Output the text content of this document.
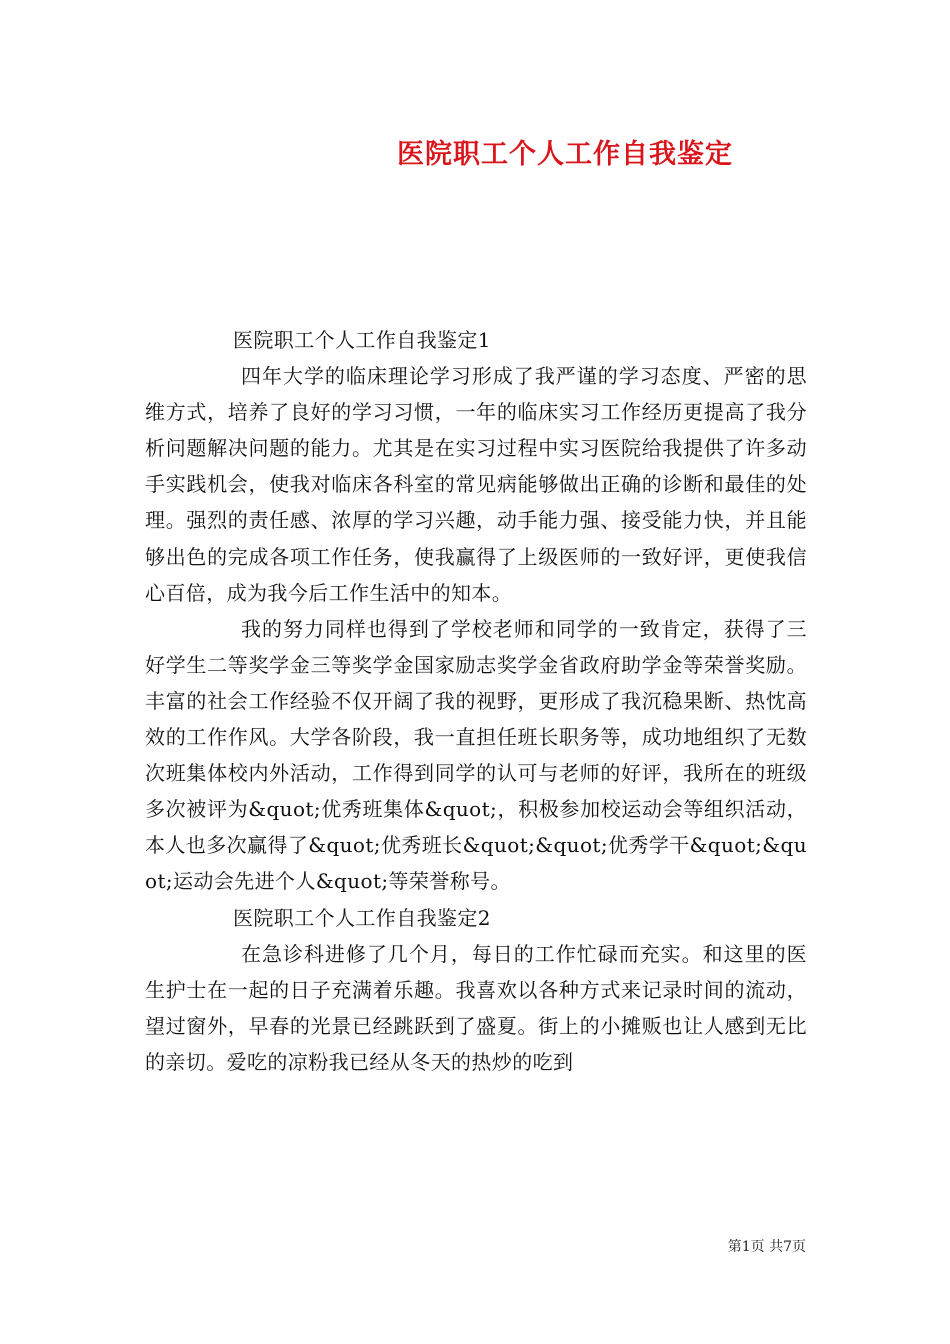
医院职工个人工作自我鉴定

医院职工个人工作自我鉴定1

四年大学的临床理论学习形成了我严谨的学习态度、严密的思维方式，培养了良好的学习习惯，一年的临床实习工作经历更提高了我分析问题解决问题的能力。尤其是在实习过程中实习医院给我提供了许多动手实践机会，使我对临床各科室的常见病能够做出正确的诊断和最佳的处理。强烈的责任感、浓厚的学习兴趣，动手能力强、接受能力快，并且能够出色的完成各项工作任务，使我赢得了上级医师的一致好评，更使我信心百倍，成为我今后工作生活中的知本。

我的努力同样也得到了学校老师和同学的一致肯定，获得了三好学生二等奖学金三等奖学金国家励志奖学金省政府助学金等荣誉奖励。丰富的社会工作经验不仅开阔了我的视野，更形成了我沉稳果断、热忱高效的工作作风。大学各阶段，我一直担任班长职务等，成功地组织了无数次班集体校内外活动，工作得到同学的认可与老师的好评，我所在的班级多次被评为&quot;优秀班集体&quot;，积极参加校运动会等组织活动，本人也多次赢得了&quot;优秀班长&quot;&quot;优秀学干&quot;&quot;运动会先进个人&quot;等荣誉称号。

医院职工个人工作自我鉴定2

在急诊科进修了几个月，每日的工作忙碌而充实。和这里的医生护士在一起的日子充满着乐趣。我喜欢以各种方式来记录时间的流动，望过窗外，早春的光景已经跳跃到了盛夏。街上的小摊贩也让人感到无比的亲切。爱吃的凉粉我已经从冬天的热炒的吃到

第1页 共7页
